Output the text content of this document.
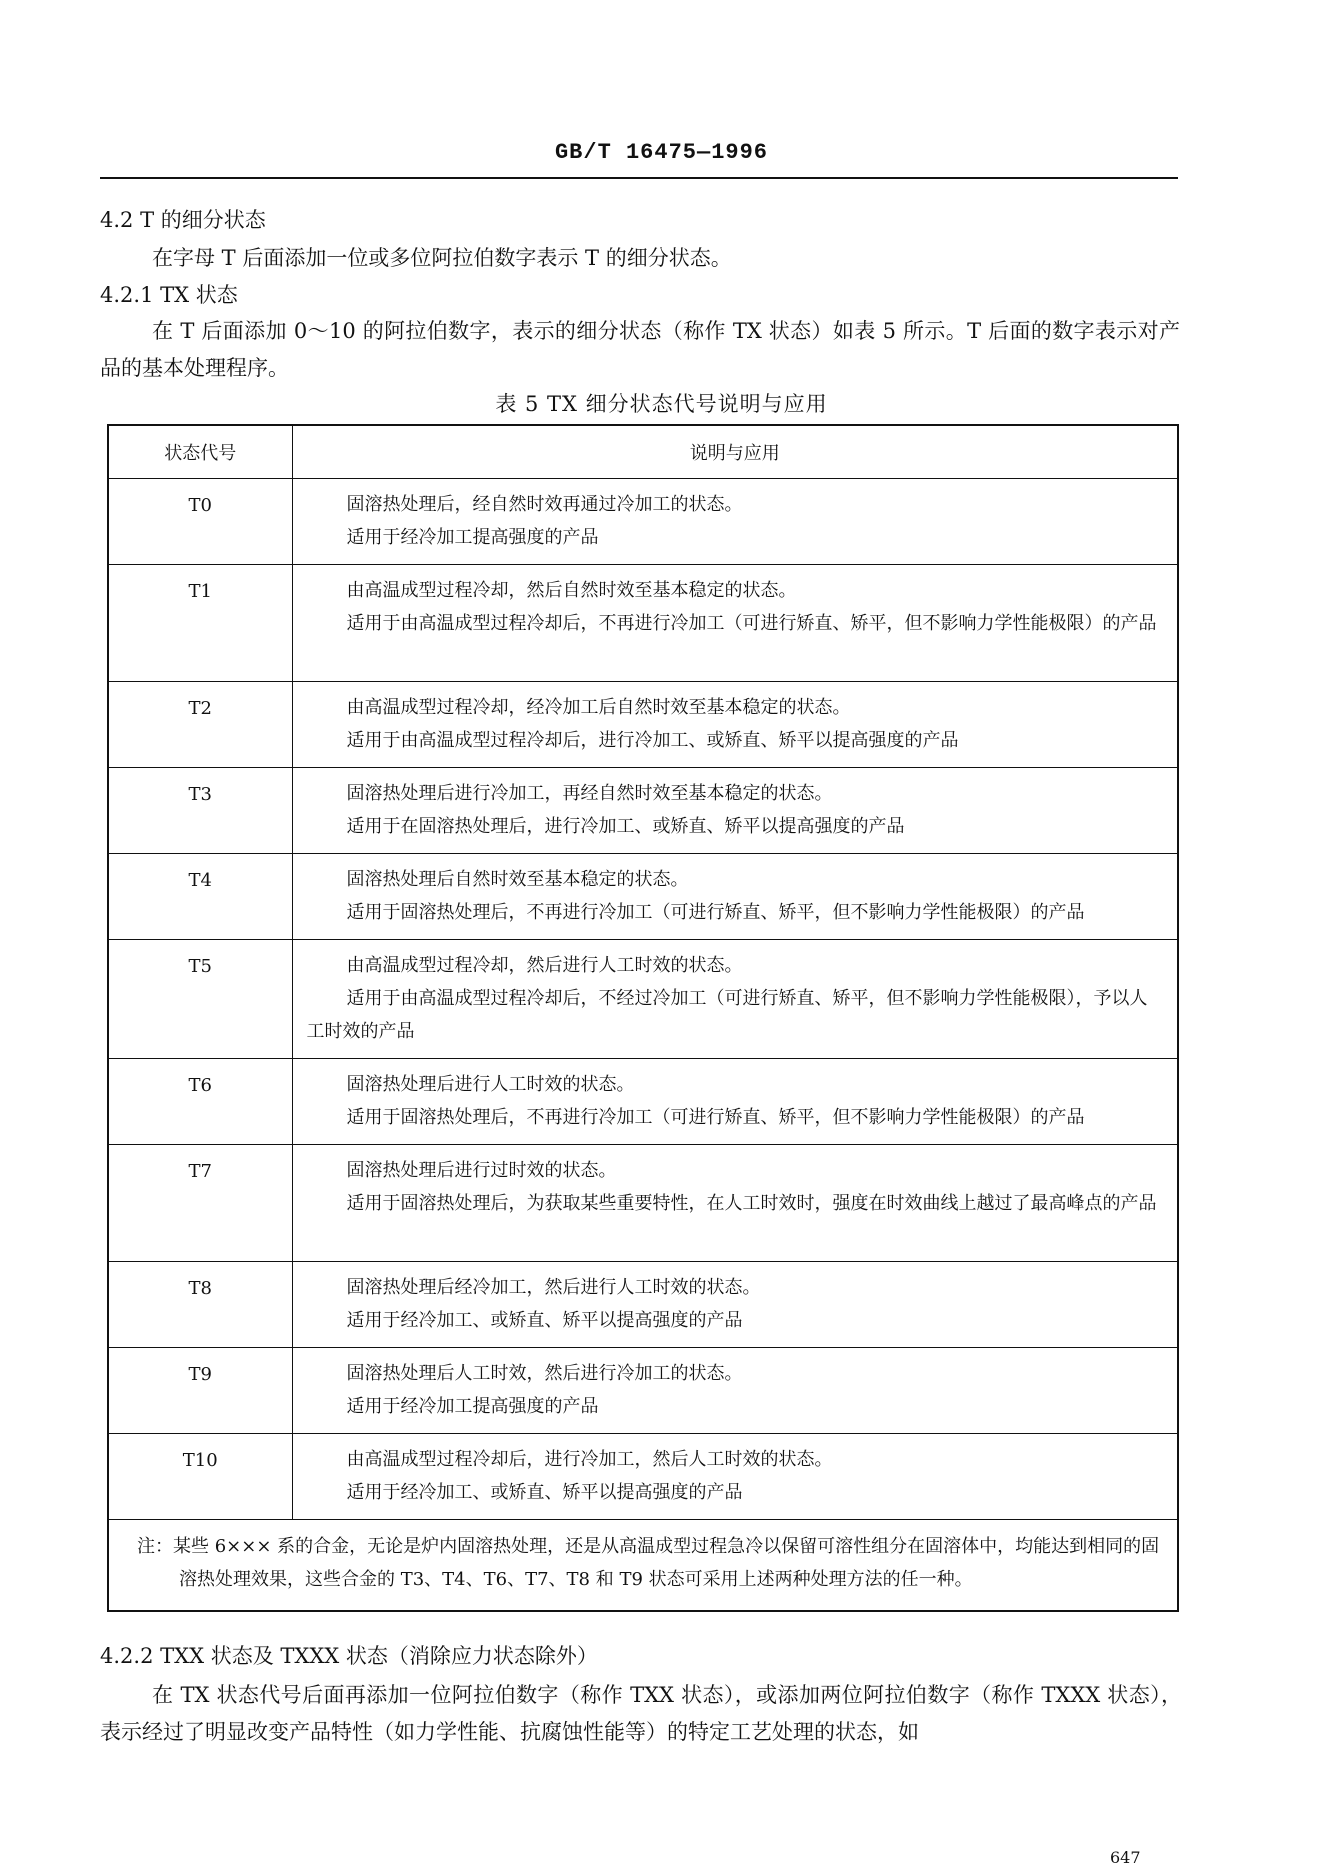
GB/T 16475—1996
4.2 T 的细分状态
在字母 T 后面添加一位或多位阿拉伯数字表示 T 的细分状态。
4.2.1 TX 状态
在 T 后面添加 0～10 的阿拉伯数字，表示的细分状态（称作 TX 状态）如表 5 所示。T 后面的数字表示对产品的基本处理程序。
表 5 TX 细分状态代号说明与应用
状态代号	说明与应用
T0	固溶热处理后，经自然时效再通过冷加工的状态。
适用于经冷加工提高强度的产品

T1	由高温成型过程冷却，然后自然时效至基本稳定的状态。
适用于由高温成型过程冷却后，不再进行冷加工（可进行矫直、矫平，但不影响力学性能极限）的产品

T2	由高温成型过程冷却，经冷加工后自然时效至基本稳定的状态。
适用于由高温成型过程冷却后，进行冷加工、或矫直、矫平以提高强度的产品

T3	固溶热处理后进行冷加工，再经自然时效至基本稳定的状态。
适用于在固溶热处理后，进行冷加工、或矫直、矫平以提高强度的产品

T4	固溶热处理后自然时效至基本稳定的状态。
适用于固溶热处理后，不再进行冷加工（可进行矫直、矫平，但不影响力学性能极限）的产品

T5	由高温成型过程冷却，然后进行人工时效的状态。
适用于由高温成型过程冷却后，不经过冷加工（可进行矫直、矫平，但不影响力学性能极限），予以人工时效的产品

T6	固溶热处理后进行人工时效的状态。
适用于固溶热处理后，不再进行冷加工（可进行矫直、矫平，但不影响力学性能极限）的产品

T7	固溶热处理后进行过时效的状态。
适用于固溶热处理后，为获取某些重要特性，在人工时效时，强度在时效曲线上越过了最高峰点的产品

T8	固溶热处理后经冷加工，然后进行人工时效的状态。
适用于经冷加工、或矫直、矫平以提高强度的产品

T9	固溶热处理后人工时效，然后进行冷加工的状态。
适用于经冷加工提高强度的产品

T10	由高温成型过程冷却后，进行冷加工，然后人工时效的状态。
适用于经冷加工、或矫直、矫平以提高强度的产品

注：某些 6××× 系的合金，无论是炉内固溶热处理，还是从高温成型过程急冷以保留可溶性组分在固溶体中，均能达到相同的固溶热处理效果，这些合金的 T3、T4、T6、T7、T8 和 T9 状态可采用上述两种处理方法的任一种。	
4.2.2 TXX 状态及 TXXX 状态（消除应力状态除外）
在 TX 状态代号后面再添加一位阿拉伯数字（称作 TXX 状态），或添加两位阿拉伯数字（称作 TXXX 状态），表示经过了明显改变产品特性（如力学性能、抗腐蚀性能等）的特定工艺处理的状态，如
647
